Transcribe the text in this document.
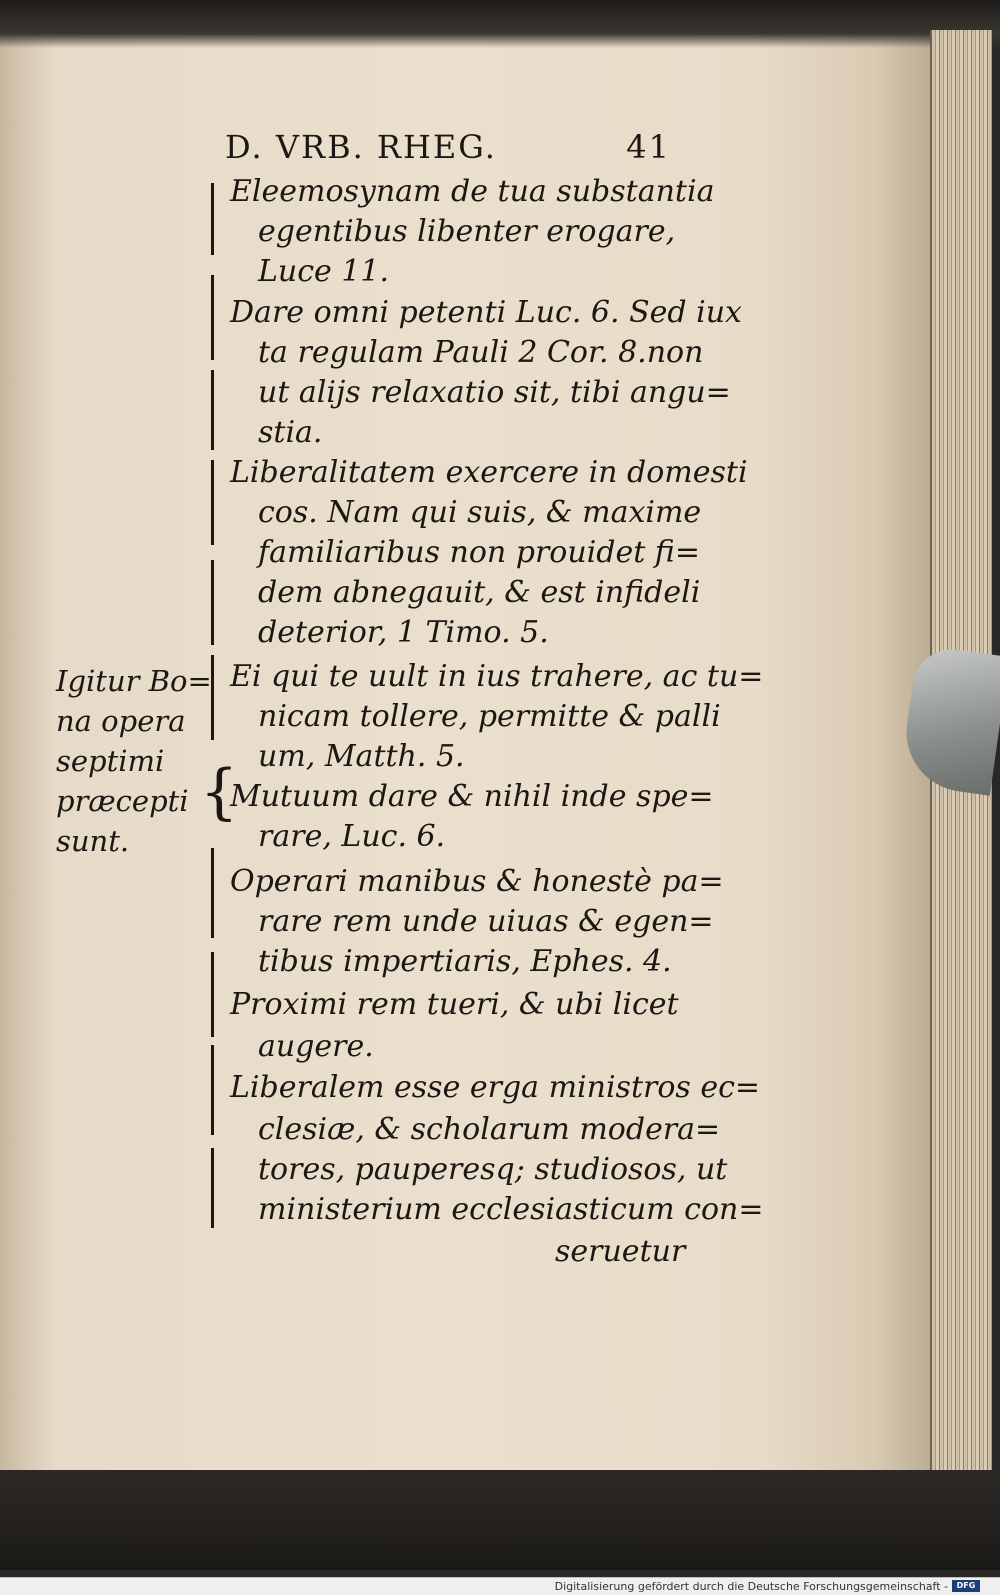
D. VRB. RHEG.	41
{
Igitur Bo=
na opera
septimi
præcepti
sunt.
Eleemosynam de tua substantia
egentibus libenter erogare,
Luce 11.
Dare omni petenti Luc. 6. Sed iux
ta regulam Pauli 2 Cor. 8.non
ut alijs relaxatio sit, tibi angu=
stia.
Liberalitatem exercere in domesti
cos. Nam qui suis, & maxime
familiaribus non prouidet fi=
dem abnegauit, & est infideli
deterior, 1 Timo. 5.
Ei qui te uult in ius trahere, ac tu=
nicam tollere, permitte & palli
um, Matth. 5.
Mutuum dare & nihil inde spe=
rare, Luc. 6.
Operari manibus & honestè pa=
rare rem unde uiuas & egen=
tibus impertiaris, Ephes. 4.
Proximi rem tueri, & ubi licet
augere.
Liberalem esse erga ministros ec=
clesiæ, & scholarum modera=
tores, pauperesq; studiosos, ut
ministerium ecclesiasticum con=
seruetur
Digitalisierung gefördert durch die Deutsche Forschungsgemeinschaft -	DFG
